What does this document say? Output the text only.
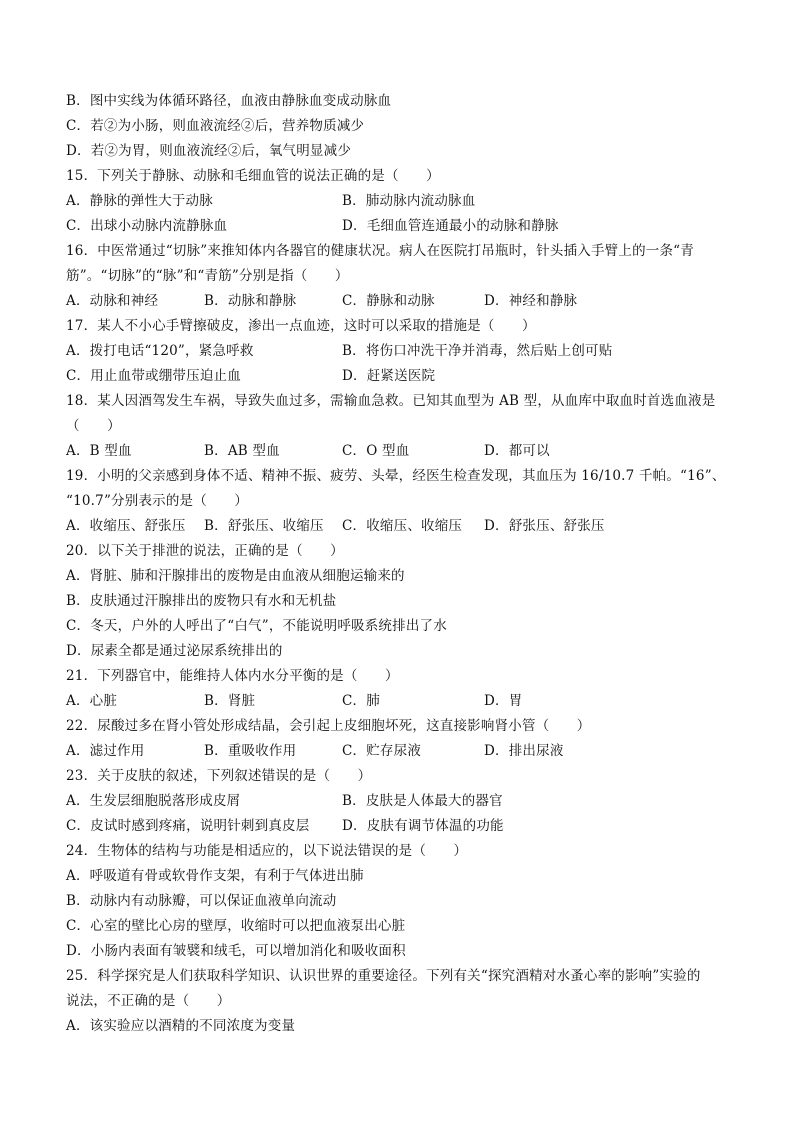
B．图中实线为体循环路径，血液由静脉血变成动脉血
C．若②为小肠，则血液流经②后，营养物质减少
D．若②为胃，则血液流经②后，氧气明显减少
15．下列关于静脉、动脉和毛细血管的说法正确的是（　　）
A．静脉的弹性大于动脉	B．肺动脉内流动脉血
C．出球小动脉内流静脉血	D．毛细血管连通最小的动脉和静脉
16．中医常通过“切脉”来推知体内各器官的健康状况。病人在医院打吊瓶时，针头插入手臂上的一条“青
筋”。“切脉”的“脉”和“青筋”分别是指（　　）
A．动脉和神经	B．动脉和静脉	C．静脉和动脉	D．神经和静脉
17．某人不小心手臂擦破皮，渗出一点血迹，这时可以采取的措施是（　　）
A．拨打电话“120”，紧急呼救	B．将伤口冲洗干净并消毒，然后贴上创可贴
C．用止血带或绷带压迫止血	D．赶紧送医院
18．某人因酒驾发生车祸，导致失血过多，需输血急救。已知其血型为 AB 型，从血库中取血时首选血液是
（　　）
A．B 型血	B．AB 型血	C．O 型血	D．都可以
19．小明的父亲感到身体不适、精神不振、疲劳、头晕，经医生检查发现，其血压为 16/10.7 千帕。“16”、
“10.7”分别表示的是（　　）
A．收缩压、舒张压 B．舒张压、收缩压 C．收缩压、收缩压 D．舒张压、舒张压
20．以下关于排泄的说法，正确的是（　　）
A．肾脏、肺和汗腺排出的废物是由血液从细胞运输来的
B．皮肤通过汗腺排出的废物只有水和无机盐
C．冬天，户外的人呼出了“白气”，不能说明呼吸系统排出了水
D．尿素全都是通过泌尿系统排出的
21．下列器官中，能维持人体内水分平衡的是（　　）
A．心脏	B．肾脏	C．肺	D．胃
22．尿酸过多在肾小管处形成结晶，会引起上皮细胞坏死，这直接影响肾小管（　　）
A．滤过作用	B．重吸收作用	C．贮存尿液	D．排出尿液
23．关于皮肤的叙述，下列叙述错误的是（　　）
A．生发层细胞脱落形成皮屑	B．皮肤是人体最大的器官
C．皮试时感到疼痛，说明针刺到真皮层 D．皮肤有调节体温的功能
24．生物体的结构与功能是相适应的，以下说法错误的是（　　）
A．呼吸道有骨或软骨作支架，有利于气体进出肺
B．动脉内有动脉瓣，可以保证血液单向流动
C．心室的壁比心房的壁厚，收缩时可以把血液泵出心脏
D．小肠内表面有皱襞和绒毛，可以增加消化和吸收面积
25．科学探究是人们获取科学知识、认识世界的重要途径。下列有关“探究酒精对水蚤心率的影响”实验的
说法，不正确的是（　　）
A．该实验应以酒精的不同浓度为变量
